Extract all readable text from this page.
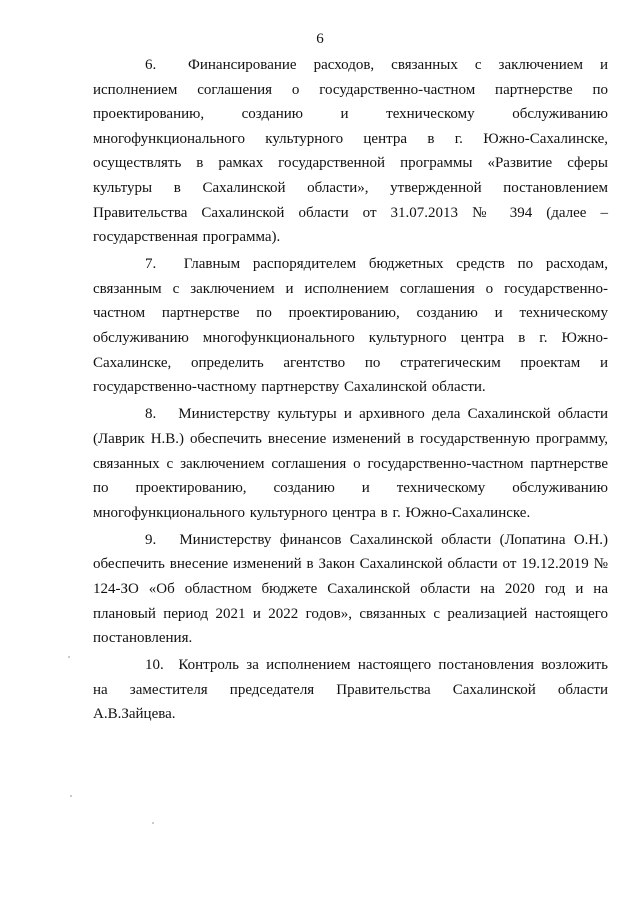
6

6. Финансирование расходов, связанных с заключением и исполнением соглашения о государственно-частном партнерстве по проектированию, созданию и техническому обслуживанию многофункционального культурного центра в г. Южно-Сахалинске, осуществлять в рамках государственной программы «Развитие сферы культуры в Сахалинской области», утвержденной постановлением Правительства Сахалинской области от 31.07.2013 № 394 (далее – государственная программа).

7. Главным распорядителем бюджетных средств по расходам, связанным с заключением и исполнением соглашения о государственно-частном партнерстве по проектированию, созданию и техническому обслуживанию многофункционального культурного центра в г. Южно-Сахалинске, определить агентство по стратегическим проектам и государственно-частному партнерству Сахалинской области.

8. Министерству культуры и архивного дела Сахалинской области (Лаврик Н.В.) обеспечить внесение изменений в государственную программу, связанных с заключением соглашения о государственно-частном партнерстве по проектированию, созданию и техническому обслуживанию многофункционального культурного центра в г. Южно-Сахалинске.

9. Министерству финансов Сахалинской области (Лопатина О.Н.) обеспечить внесение изменений в Закон Сахалинской области от 19.12.2019 № 124-ЗО «Об областном бюджете Сахалинской области на 2020 год и на плановый период 2021 и 2022 годов», связанных с реализацией настоящего постановления.

10. Контроль за исполнением настоящего постановления возложить на заместителя председателя Правительства Сахалинской области А.В.Зайцева.
